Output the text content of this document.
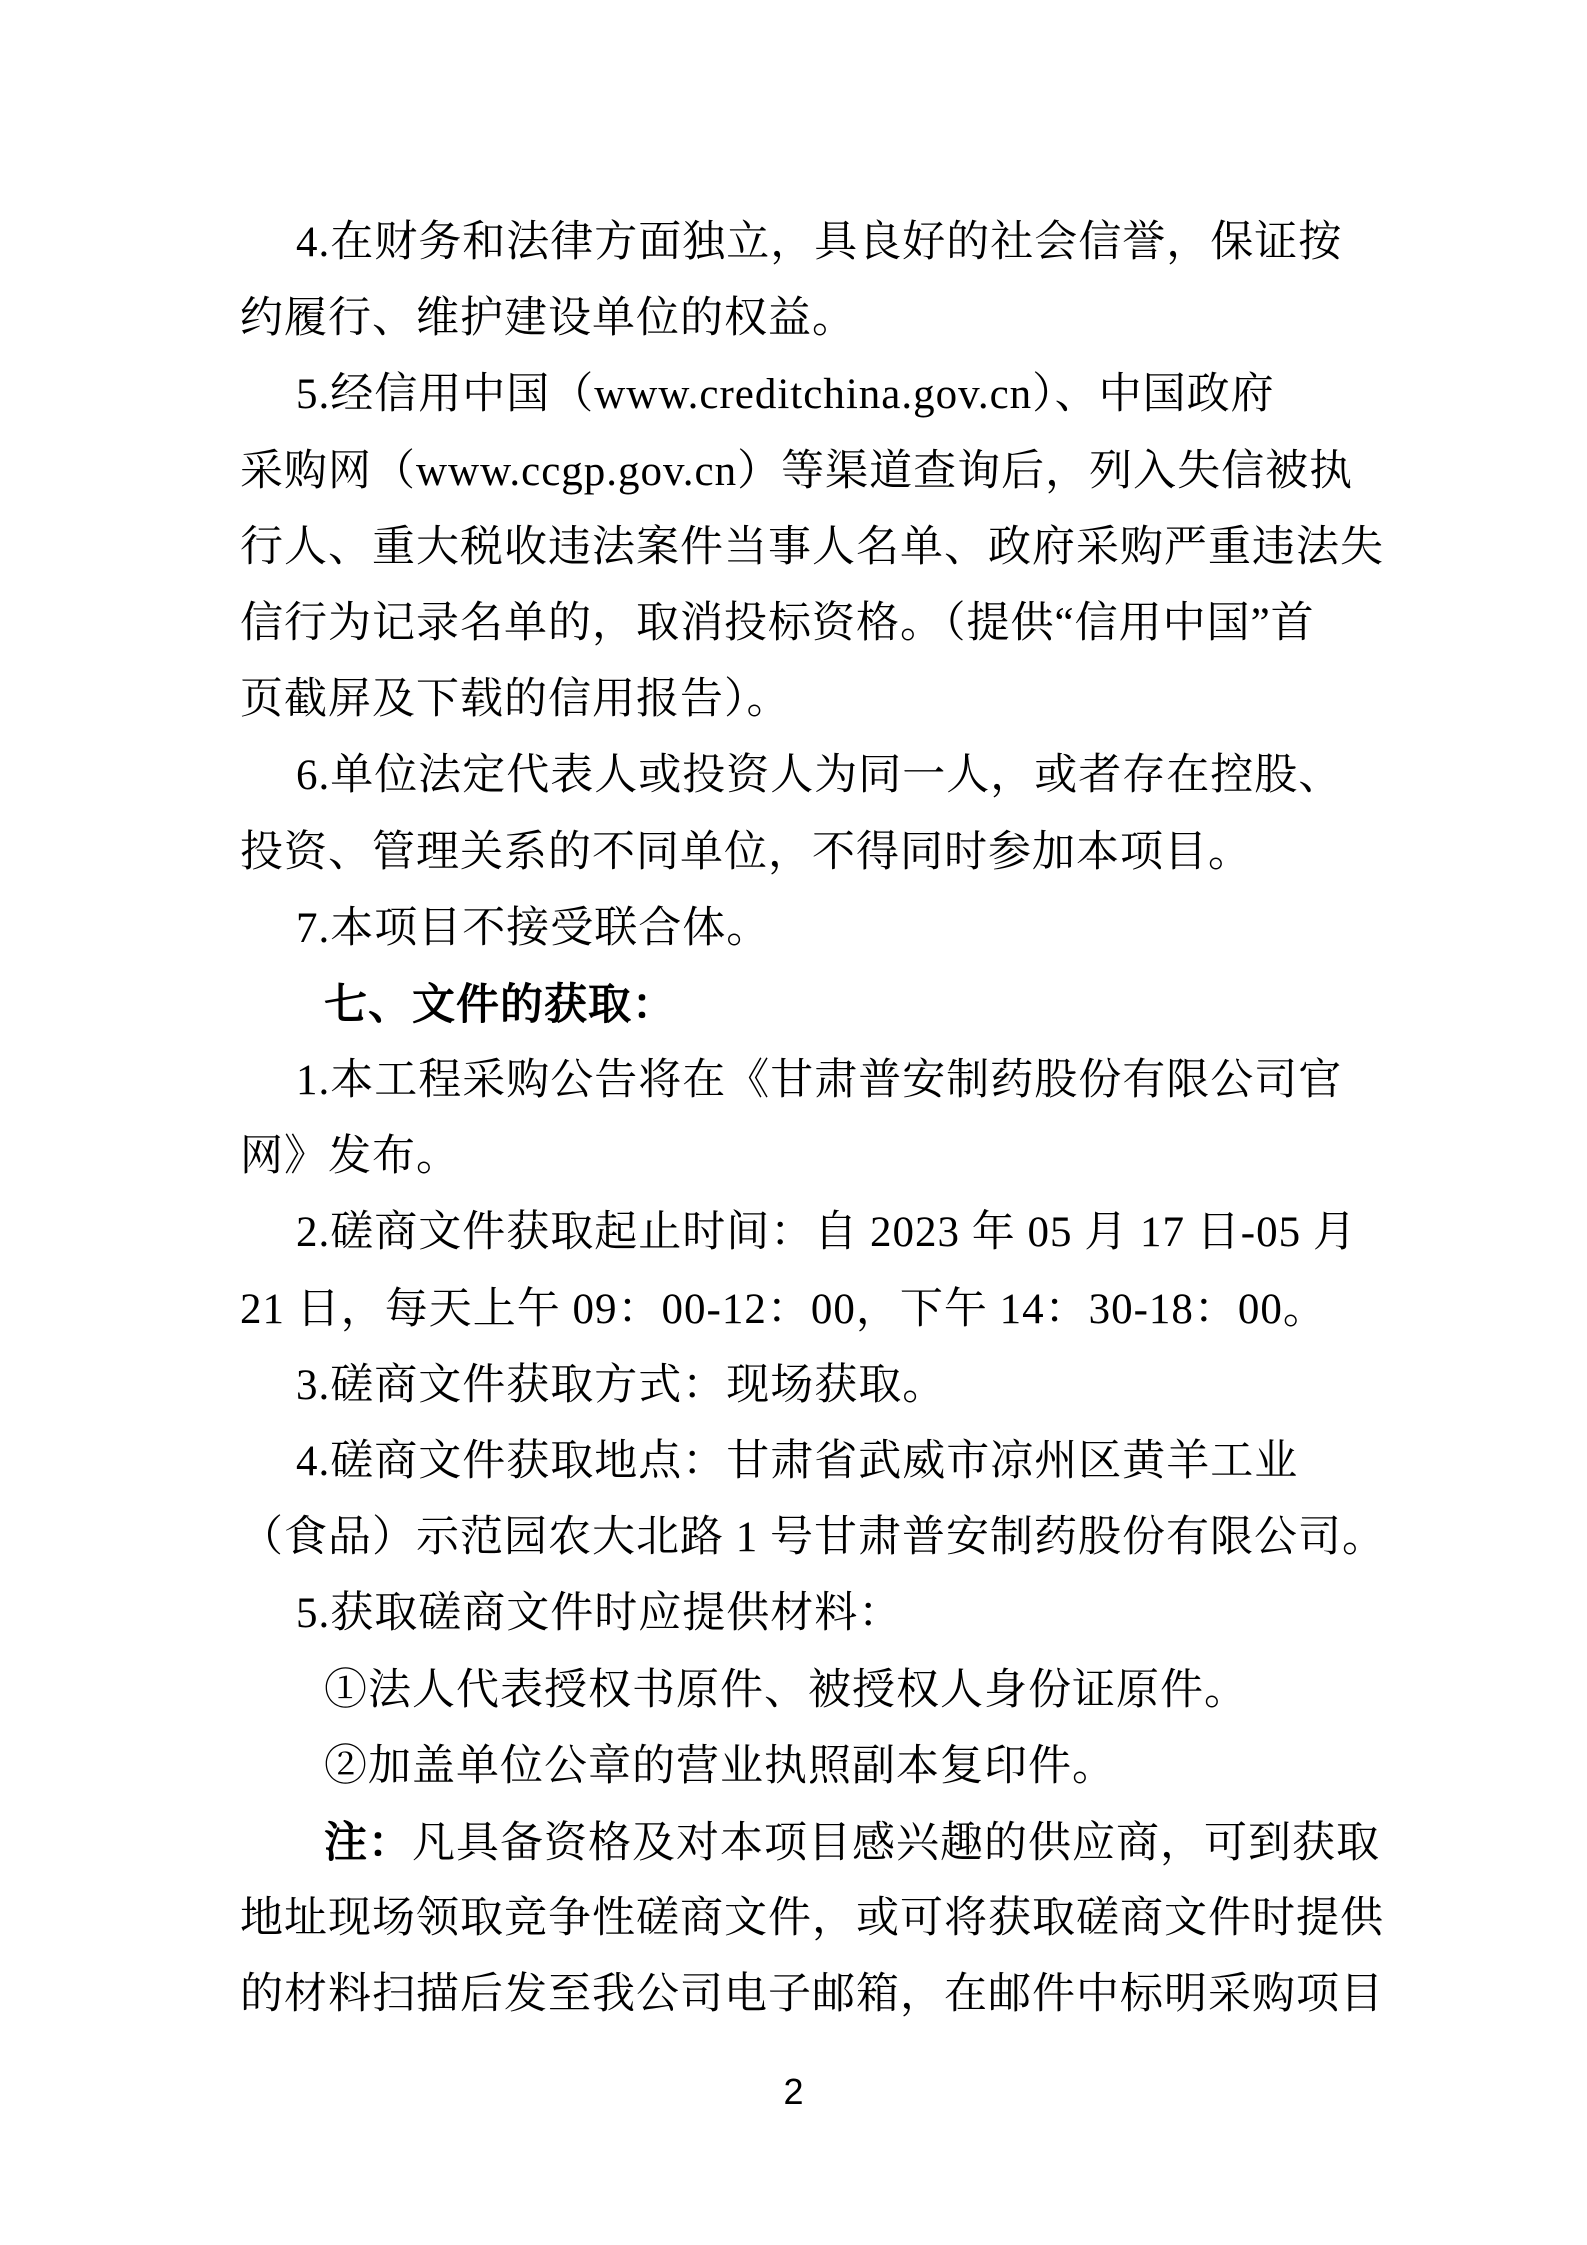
4.在财务和法律方面独立，具良好的社会信誉，保证按
约履行、维护建设单位的权益。
5.经信用中国（www.creditchina.gov.cn）、中国政府
采购网（www.ccgp.gov.cn）等渠道查询后，列入失信被执
行人、重大税收违法案件当事人名单、政府采购严重违法失
信行为记录名单的，取消投标资格。（提供“信用中国”首
页截屏及下载的信用报告）。
6.单位法定代表人或投资人为同一人，或者存在控股、
投资、管理关系的不同单位，不得同时参加本项目。
7.本项目不接受联合体。
七、文件的获取：
1.本工程采购公告将在《甘肃普安制药股份有限公司官
网》发布。
2.磋商文件获取起止时间：自 2023 年 05 月 17 日-05 月
21 日，每天上午 09：00-12：00，下午 14：30-18：00。
3.磋商文件获取方式：现场获取。
4.磋商文件获取地点：甘肃省武威市凉州区黄羊工业
（食品）示范园农大北路 1 号甘肃普安制药股份有限公司。
5.获取磋商文件时应提供材料：
①法人代表授权书原件、被授权人身份证原件。
②加盖单位公章的营业执照副本复印件。
注：凡具备资格及对本项目感兴趣的供应商，可到获取
地址现场领取竞争性磋商文件，或可将获取磋商文件时提供
的材料扫描后发至我公司电子邮箱，在邮件中标明采购项目
2
